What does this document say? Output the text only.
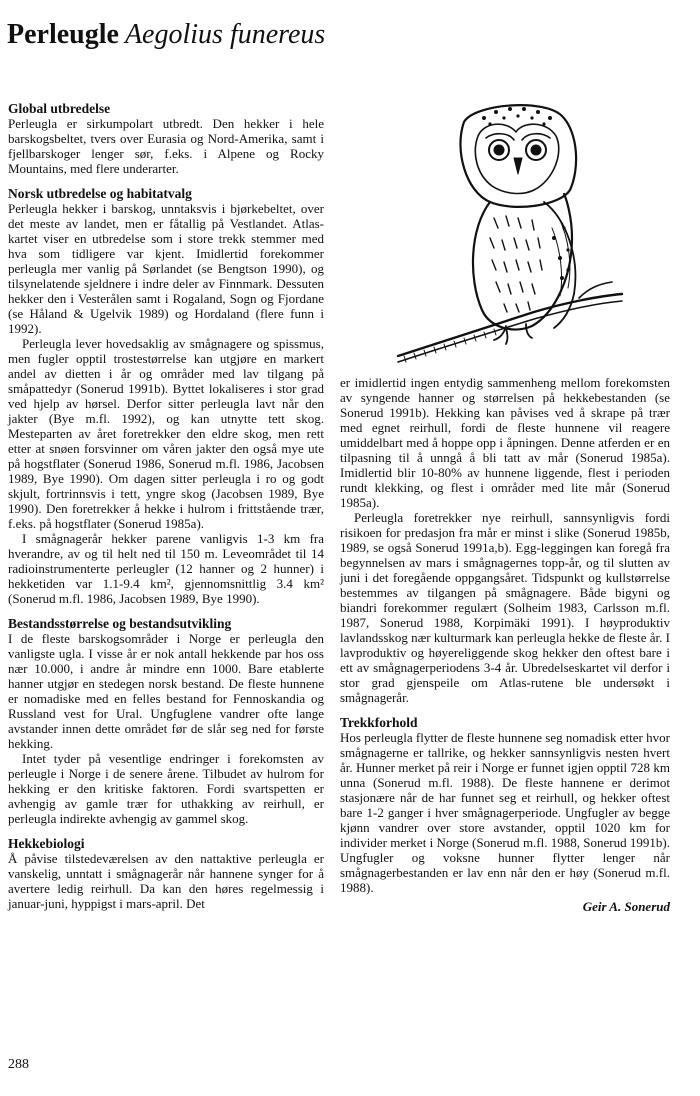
Perleugle Aegolius funereus
Global utbredelse

Perleugla er sirkumpolart utbredt. Den hekker i hele barskogsbeltet, tvers over Eurasia og Nord-Amerika, samt i fjellbarskoger lenger sør, f.eks. i Alpene og Rocky Mountains, med flere underarter.

Norsk utbredelse og habitatvalg

Perleugla hekker i barskog, unntaksvis i bjørkebeltet, over det meste av landet, men er fåtallig på Vestlandet. Atlas-kartet viser en utbredelse som i store trekk stemmer med hva som tidligere var kjent. Imidlertid forekommer perleugla mer vanlig på Sørlandet (se Bengtson 1990), og tilsynelatende sjeldnere i indre deler av Finnmark. Dessuten hekker den i Vesterålen samt i Rogaland, Sogn og Fjordane (se Håland & Ugelvik 1989) og Hordaland (flere funn i 1992).

Perleugla lever hovedsaklig av smågnagere og spissmus, men fugler opptil trostestørrelse kan utgjøre en markert andel av dietten i år og områder med lav tilgang på småpattedyr (Sonerud 1991b). Byttet lokaliseres i stor grad ved hjelp av hørsel. Derfor sitter perleugla lavt når den jakter (Bye m.fl. 1992), og kan utnytte tett skog. Mesteparten av året foretrekker den eldre skog, men rett etter at snøen forsvinner om våren jakter den også mye ute på hogstflater (Sonerud 1986, Sonerud m.fl. 1986, Jacobsen 1989, Bye 1990). Om dagen sitter perleugla i ro og godt skjult, fortrinnsvis i tett, yngre skog (Jacobsen 1989, Bye 1990). Den foretrekker å hekke i hulrom i frittstående trær, f.eks. på hogstflater (Sonerud 1985a).

I smågnagerår hekker parene vanligvis 1-3 km fra hverandre, av og til helt ned til 150 m. Leveområdet til 14 radioinstrumenterte perleugler (12 hanner og 2 hunner) i hekketiden var 1.1-9.4 km², gjennomsnittlig 3.4 km² (Sonerud m.fl. 1986, Jacobsen 1989, Bye 1990).

Bestandsstørrelse og bestandsutvikling

I de fleste barskogsområder i Norge er perleugla den vanligste ugla. I visse år er nok antall hekkende par hos oss nær 10.000, i andre år mindre enn 1000. Bare etablerte hanner utgjør en stedegen norsk bestand. De fleste hunnene er nomadiske med en felles bestand for Fennoskandia og Russland vest for Ural. Ungfuglene vandrer ofte lange avstander innen dette området før de slår seg ned for første hekking.

Intet tyder på vesentlige endringer i forekomsten av perleugle i Norge i de senere årene. Tilbudet av hulrom for hekking er den kritiske faktoren. Fordi svartspetten er avhengig av gamle trær for uthakking av reirhull, er perleugla indirekte avhengig av gammel skog.

Hekkebiologi

Å påvise tilstedeværelsen av den nattaktive perleugla er vanskelig, unntatt i smågnagerår når hannene synger for å avertere ledig reirhull. Da kan den høres regelmessig i januar-juni, hyppigst i mars-april. Det

er imidlertid ingen entydig sammenheng mellom forekomsten av syngende hanner og størrelsen på hekkebestanden (se Sonerud 1991b). Hekking kan påvises ved å skrape på trær med egnet reirhull, fordi de fleste hunnene vil reagere umiddelbart med å hoppe opp i åpningen. Denne atferden er en tilpasning til å unngå å bli tatt av mår (Sonerud 1985a). Imidlertid blir 10-80% av hunnene liggende, flest i perioden rundt klekking, og flest i områder med lite mår (Sonerud 1985a).

Perleugla foretrekker nye reirhull, sannsynligvis fordi risikoen for predasjon fra mår er minst i slike (Sonerud 1985b, 1989, se også Sonerud 1991a,b). Egg-leggingen kan foregå fra begynnelsen av mars i smågnagernes topp-år, og til slutten av juni i det foregående oppgangsåret. Tidspunkt og kullstørrelse bestemmes av tilgangen på smågnagere. Både bigyni og biandri forekommer regulært (Solheim 1983, Carlsson m.fl. 1987, Sonerud 1988, Korpimäki 1991). I høyproduktiv lavlandsskog nær kulturmark kan perleugla hekke de fleste år. I lavproduktiv og høyereliggende skog hekker den oftest bare i ett av smågnagerperiodens 3-4 år. Ubredelseskartet vil derfor i stor grad gjenspeile om Atlas-rutene ble undersøkt i smågnagerår.

Trekkforhold

Hos perleugla flytter de fleste hunnene seg nomadisk etter hvor smågnagerne er tallrike, og hekker sannsynligvis nesten hvert år. Hunner merket på reir i Norge er funnet igjen opptil 728 km unna (Sonerud m.fl. 1988). De fleste hannene er derimot stasjonære når de har funnet seg et reirhull, og hekker oftest bare 1-2 ganger i hver smågnagerperiode. Ungfugler av begge kjønn vandrer over store avstander, opptil 1020 km for individer merket i Norge (Sonerud m.fl. 1988, Sonerud 1991b). Ungfugler og voksne hunner flytter lenger når smågnagerbestanden er lav enn når den er høy (Sonerud m.fl. 1988).

Geir A. Sonerud
288
